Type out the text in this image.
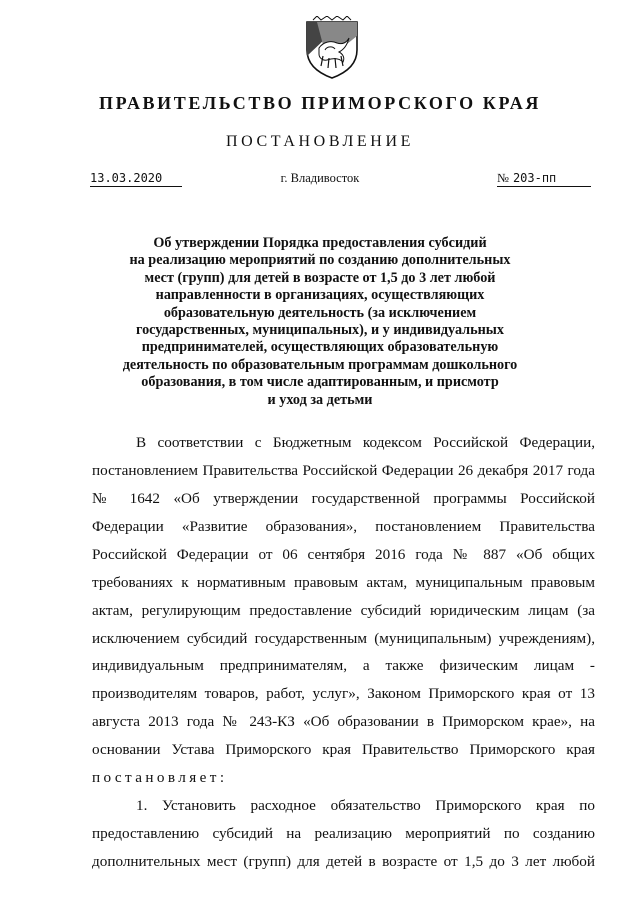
ПРАВИТЕЛЬСТВО ПРИМОРСКОГО КРАЯ
ПОСТАНОВЛЕНИЕ
13.03.2020	г. Владивосток	№ 203-пп
Об утверждении Порядка предоставления субсидий
на реализацию мероприятий по созданию дополнительных
мест (групп) для детей в возрасте от 1,5 до 3 лет любой
направленности в организациях, осуществляющих
образовательную деятельность (за исключением
государственных, муниципальных), и у индивидуальных
предпринимателей, осуществляющих образовательную
деятельность по образовательным программам дошкольного
образования, в том числе адаптированным, и присмотр
и уход за детьми
В соответствии с Бюджетным кодексом Российской Федерации,
постановлением Правительства Российской Федерации 26 декабря 2017 года
№ 1642 «Об утверждении государственной программы Российской
Федерации «Развитие образования», постановлением Правительства
Российской Федерации от 06 сентября 2016 года № 887 «Об общих
требованиях к нормативным правовым актам, муниципальным правовым
актам, регулирующим предоставление субсидий юридическим лицам (за
исключением субсидий государственным (муниципальным) учреждениям),
индивидуальным предпринимателям, а также физическим лицам -
производителям товаров, работ, услуг», Законом Приморского края от 13
августа 2013 года № 243-КЗ «Об образовании в Приморском крае», на
основании Устава Приморского края Правительство Приморского края
постановляет:
1. Установить расходное обязательство Приморского края по
предоставлению субсидий на реализацию мероприятий по созданию
дополнительных мест (групп) для детей в возрасте от 1,5 до 3 лет любой
